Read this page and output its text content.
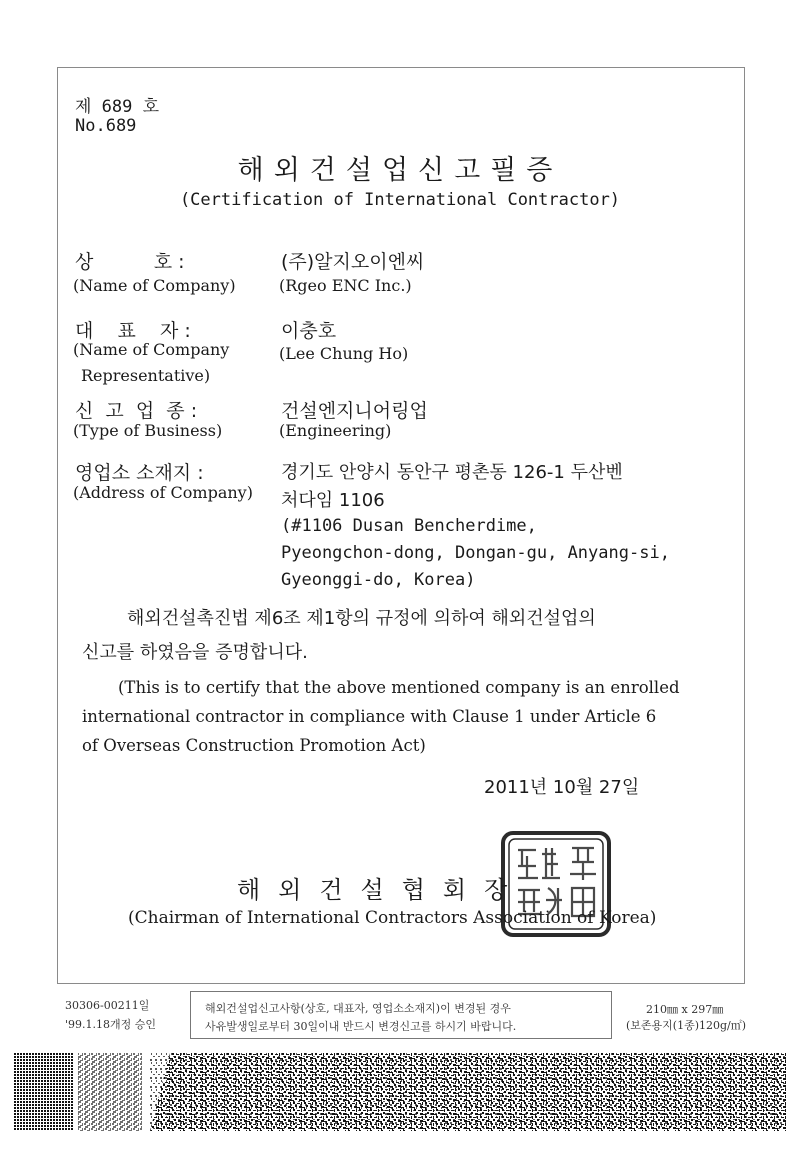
제 689 호
No.689
해외건설업신고필증
(Certification of International Contractor)
상          호 :
(Name of Company)
(주)알지오이엔씨
(Rgeo ENC Inc.)
대    표    자 :
(Name of Company
Representative)
이충호
(Lee Chung Ho)
신  고  업  종 :
(Type of Business)
건설엔지니어링업
(Engineering)
영업소 소재지 :
(Address of Company)
경기도 안양시 동안구 평촌동 126-1 두산벤
처다임 1106
(#1106 Dusan Bencherdime,
Pyeongchon-dong, Dongan-gu, Anyang-si,
Gyeonggi-do, Korea)
해외건설촉진법 제6조 제1항의 규정에 의하여 해외건설업의
신고를 하였음을 증명합니다.
(This is to certify that the above mentioned company is an enrolled
international contractor in compliance with Clause 1 under Article 6
of Overseas Construction Promotion Act)
2011년 10월 27일
해외건설협회장
(Chairman of International Contractors Association of Korea)
30306-00211일
'99.1.18개정 승인
해외건설업신고사항(상호, 대표자, 영업소소재지)이 변경된 경우
사유발생일로부터 30일이내 반드시 변경신고를 하시기 바랍니다.
210㎜ x 297㎜
(보존용지(1종)120g/㎡)
